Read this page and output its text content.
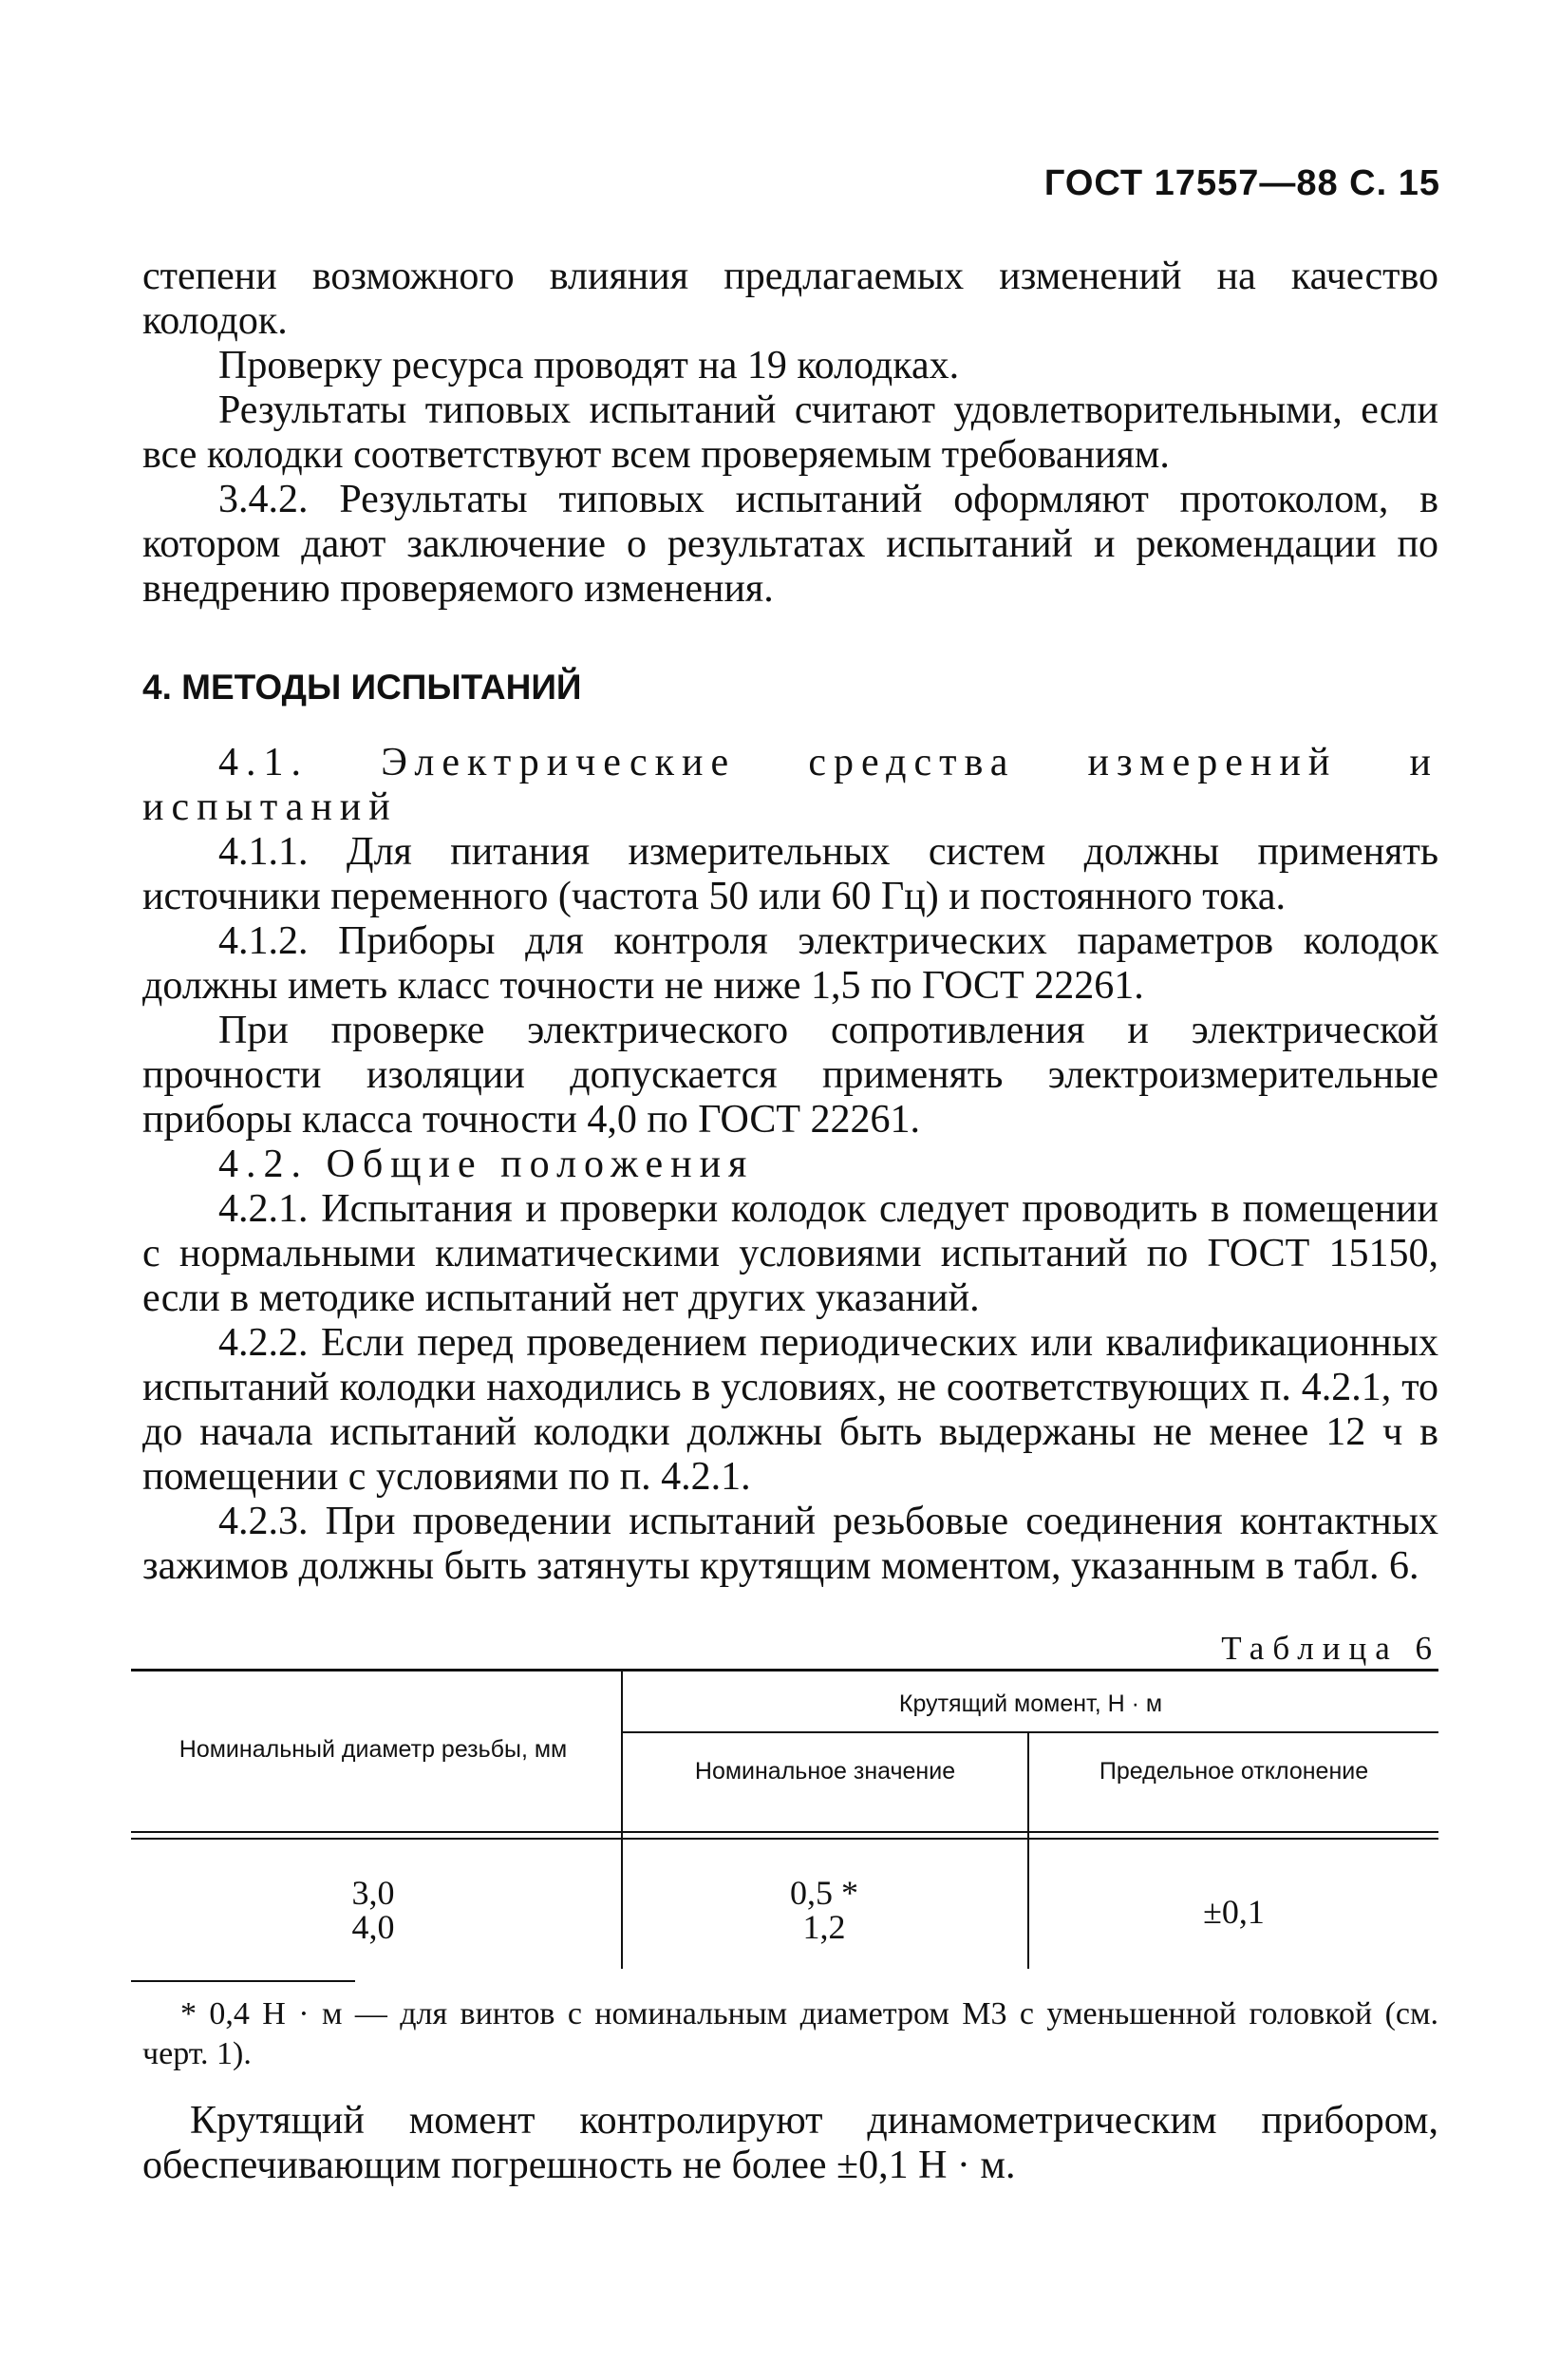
ГОСТ 17557—88 С. 15

степени возможного влияния предлагаемых изменений на качество колодок.

Проверку ресурса проводят на 19 колодках.

Результаты типовых испытаний считают удовлетворительными, если все колодки соответствуют всем проверяемым требованиям.

3.4.2. Результаты типовых испытаний оформляют протоколом, в котором дают заключение о результатах испытаний и рекомендации по внедрению проверяемого изменения.

4. МЕТОДЫ ИСПЫТАНИЙ

4.1. Электрические средства измерений и испытаний

4.1.1. Для питания измерительных систем должны применять источники переменного (частота 50 или 60 Гц) и постоянного тока.

4.1.2. Приборы для контроля электрических параметров колодок должны иметь класс точности не ниже 1,5 по ГОСТ 22261.

При проверке электрического сопротивления и электрической прочности изоляции допускается применять электроизмерительные приборы класса точности 4,0 по ГОСТ 22261.

4.2. Общие положения

4.2.1. Испытания и проверки колодок следует проводить в помещении с нормальными климатическими условиями испытаний по ГОСТ 15150, если в методике испытаний нет других указаний.

4.2.2. Если перед проведением периодических или квалификационных испытаний колодки находились в условиях, не соответствующих п. 4.2.1, то до начала испытаний колодки должны быть выдержаны не менее 12 ч в помещении с условиями по п. 4.2.1.

4.2.3. При проведении испытаний резьбовые соединения контактных зажимов должны быть затянуты крутящим моментом, указанным в табл. 6.

Таблица 6
Номинальный диаметр резьбы, мм
Крутящий момент, Н · м
Номинальное значение	Предельное отклонение
3,0
4,0
0,5 *
1,2	±0,1

* 0,4 Н · м — для винтов с номинальным диаметром М3 с уменьшенной головкой (см. черт. 1).

Крутящий момент контролируют динамометрическим прибором, обеспечивающим погрешность не более ±0,1 Н · м.
